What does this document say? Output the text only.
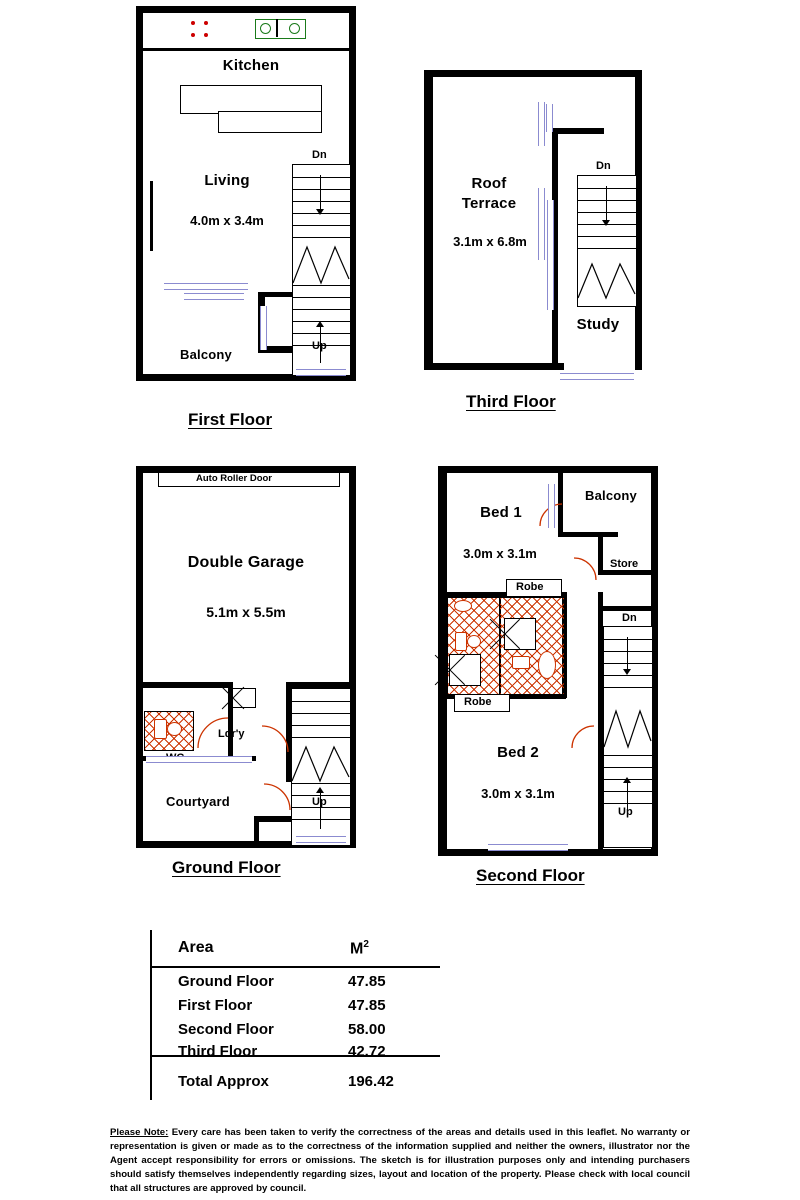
Kitchen
Living
4.0m x 3.4m
Balcony
Dn
Up
First Floor
Roof
Terrace
3.1m x 6.8m
Study
Dn
Third Floor
Auto Roller Door
Double Garage
5.1m x 5.5m
Ldr'y
Courtyard	Up
Ground Floor
Robe
Robe
Bed 1
3.0m x 3.1m
Balcony
Store
Bed 2
3.0m x 3.1m
Dn
Up
Second Floor
Area	$M^2$
Ground Floor	47.85
First Floor	47.85
Second Floor	58.00
Third Floor	42.72
Total Approx	196.42
Please Note: Every care has been taken to verify the correctness of the areas and details used in this leaflet. No warranty or representation is given or made as to the correctness of the information supplied and neither the owners, illustrator nor the Agent accept responsibility for errors or omissions. The sketch is for illustration purposes only and intending purchasers should satisfy themselves independently regarding sizes, layout and location of the property. Please check with local council that all structures are approved by council.
